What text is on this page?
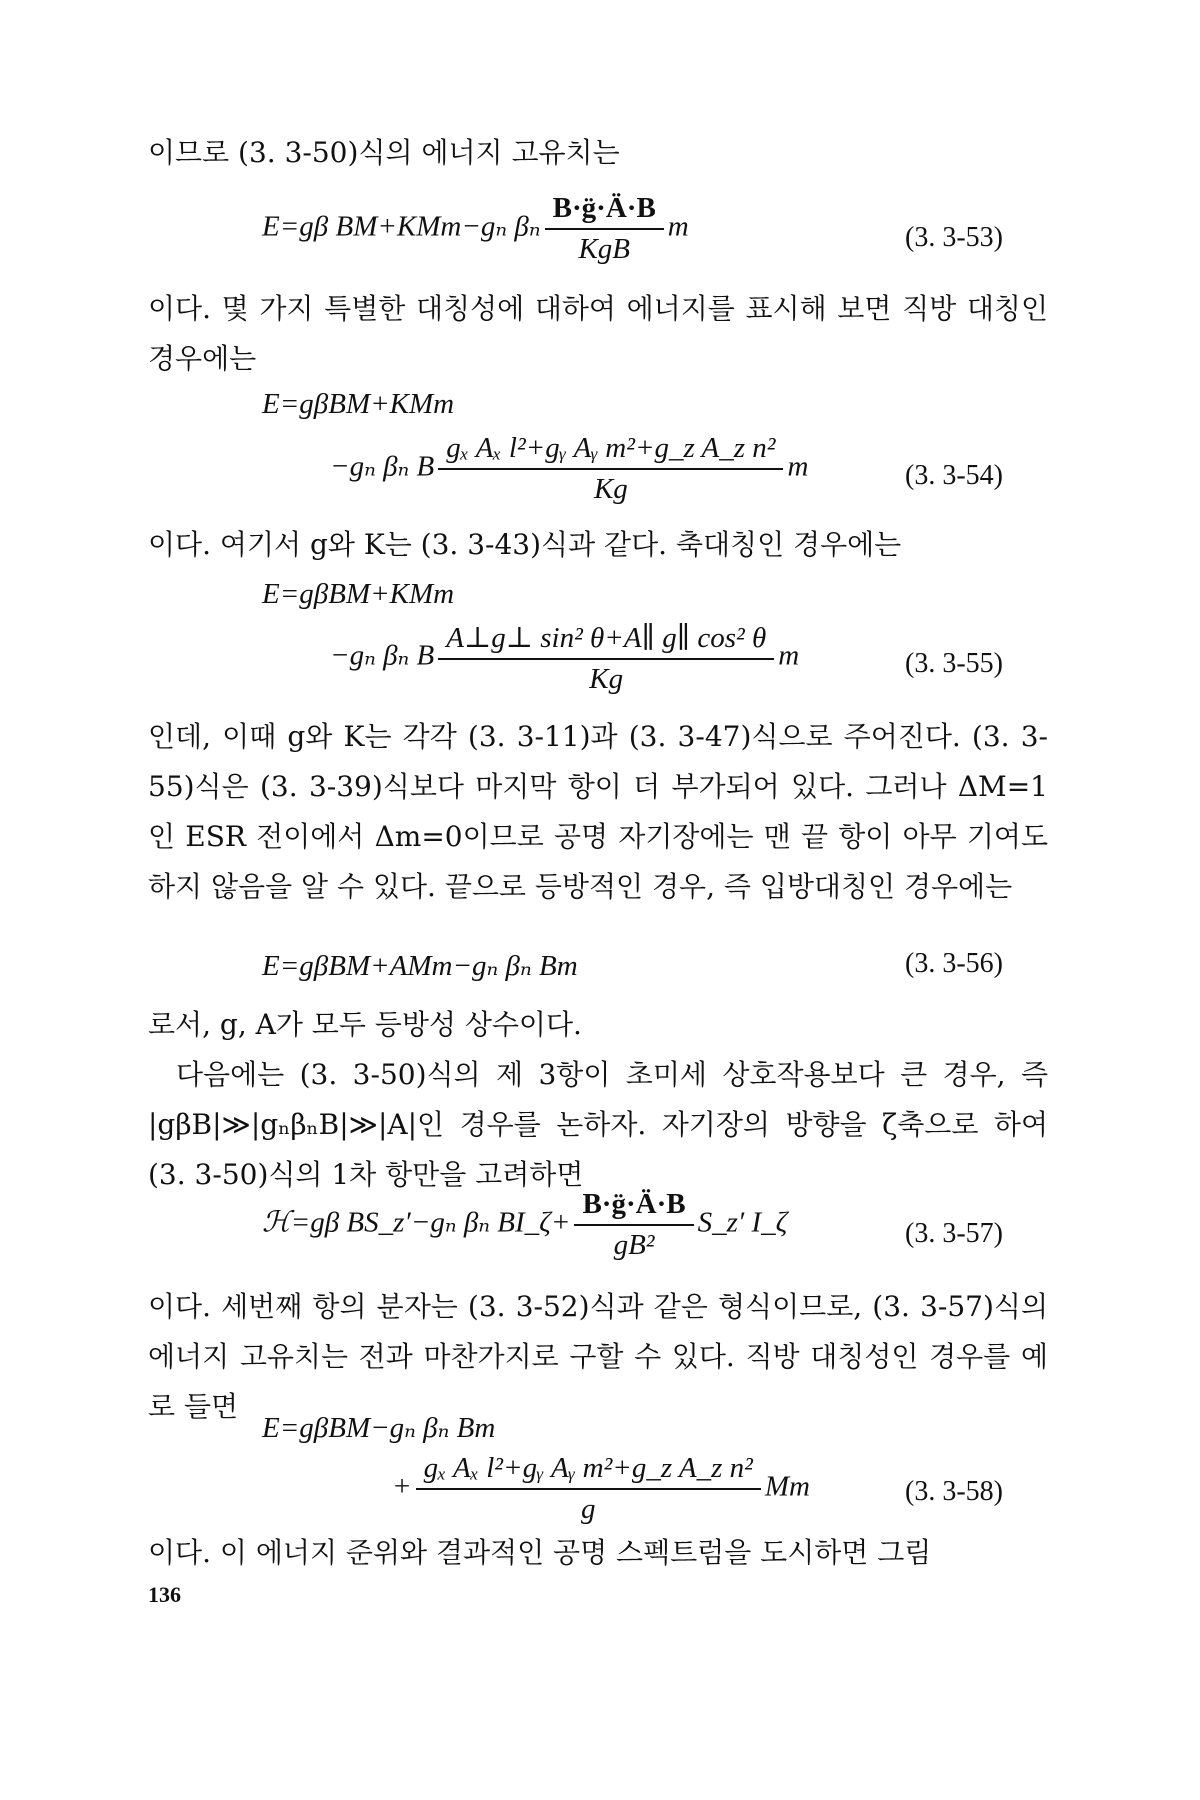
이므로 (3. 3-50)식의 에너지 고유치는

E=gβ BM+KMm−gₙ βₙ $\frac{B\cdot g̈\cdot Ä\cdot B}{\text{KgB}}$ m	(3. 3-53)

이다. 몇 가지 특별한 대칭성에 대하여 에너지를 표시해 보면 직방 대칭인 경우에는

E=gβBM+KMm
−gₙ βₙ B $\frac{\text{gₓ Aₓ l²+gᵧ Aᵧ m²+g\_z A\_z n²}}{Kg}$ m	(3. 3-54)

이다. 여기서 g와 K는 (3. 3-43)식과 같다. 축대칭인 경우에는

E=gβBM+KMm
−gₙ βₙ B $\frac{\text{A⊥g⊥ sin² θ+A∥ g∥ cos² θ}}{Kg}$ m	(3. 3-55)

인데, 이때 g와 K는 각각 (3. 3-11)과 (3. 3-47)식으로 주어진다. (3. 3-55)식은 (3. 3-39)식보다 마지막 항이 더 부가되어 있다. 그러나 ΔM=1인 ESR 전이에서 Δm=0이므로 공명 자기장에는 맨 끝 항이 아무 기여도 하지 않음을 알 수 있다. 끝으로 등방적인 경우, 즉 입방대칭인 경우에는

E=gβBM+AMm−gₙ βₙ Bm	(3. 3-56)

로서, g, A가 모두 등방성 상수이다.

다음에는 (3. 3-50)식의 제 3항이 초미세 상호작용보다 큰 경우, 즉 |gβB|≫|gₙβₙB|≫|A|인 경우를 논하자. 자기장의 방향을 ζ축으로 하여 (3. 3-50)식의 1차 항만을 고려하면

ℋ=gβ BS_z′−gₙ βₙ BI_ζ+ $\frac{B\cdot g̈\cdot Ä\cdot B}{\text{gB²}}$ S_z′ I_ζ	(3. 3-57)

이다. 세번째 항의 분자는 (3. 3-52)식과 같은 형식이므로, (3. 3-57)식의 에너지 고유치는 전과 마찬가지로 구할 수 있다. 직방 대칭성인 경우를 예로 들면

E=gβBM−gₙ βₙ Bm
+ $\frac{\text{gₓ Aₓ l²+gᵧ Aᵧ m²+g\_z A\_z n²}}{g}$ Mm	(3. 3-58)

이다. 이 에너지 준위와 결과적인 공명 스펙트럼을 도시하면 그림

136
